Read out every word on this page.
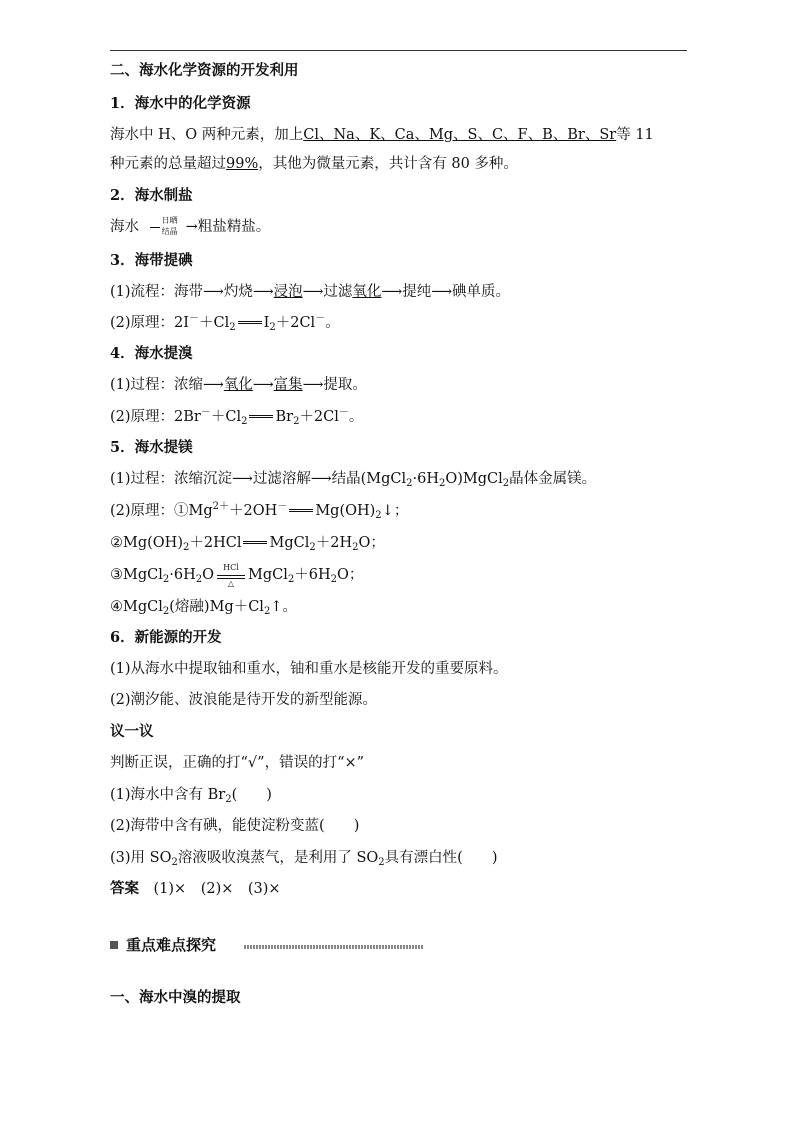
二、海水化学资源的开发利用
1．海水中的化学资源
海水中 H、O 两种元素，加上Cl、Na、K、Ca、Mg、S、C、F、B、Br、Sr等 11
种元素的总量超过99%，其他为微量元素，共计含有 80 多种。
2．海水制盐
海水	日晒
结晶 →粗盐精盐。
3．海带提碘
(1)流程：海带⟶灼烧⟶浸泡⟶过滤氧化⟶提纯⟶碘单质。
(2)原理：$2I^-+Cl_2$ $I_2+2Cl^-$。
4．海水提溴
(1)过程：浓缩⟶氧化⟶富集⟶提取。
(2)原理：$2Br^-+Cl_2$ $Br_2+2Cl^-$。
5．海水提镁
(1)过程：浓缩沉淀⟶过滤溶解⟶结晶$(MgCl_2\cdot 6H_2O)MgCl_2$晶体金属镁。
(2)原理：$①Mg^{2+}+2OH^-$ $Mg(OH)_2↓$；
$②Mg(OH)_2+2HCl$ $MgCl_2+2H_2O$；
$③MgCl_2\cdot 6H_2O$	HCl
△
$MgCl_2+6H_2O$；
④MgCl$_2$(熔融)$Mg+Cl_2↑$。
6．新能源的开发
(1)从海水中提取铀和重水，铀和重水是核能开发的重要原料。
(2)潮汐能、波浪能是待开发的新型能源。
议一议
判断正误，正确的打“√”，错误的打“×”
(1)海水中含有 $Br_2$(　　)
(2)海带中含有碘，能使淀粉变蓝(　　)
(3)用 $SO_2$溶液吸收溴蒸气，是利用了 $SO_2$具有漂白性(　　)
答案　 (1)×　(2)×　(3)×
重点难点探究
一、海水中溴的提取
